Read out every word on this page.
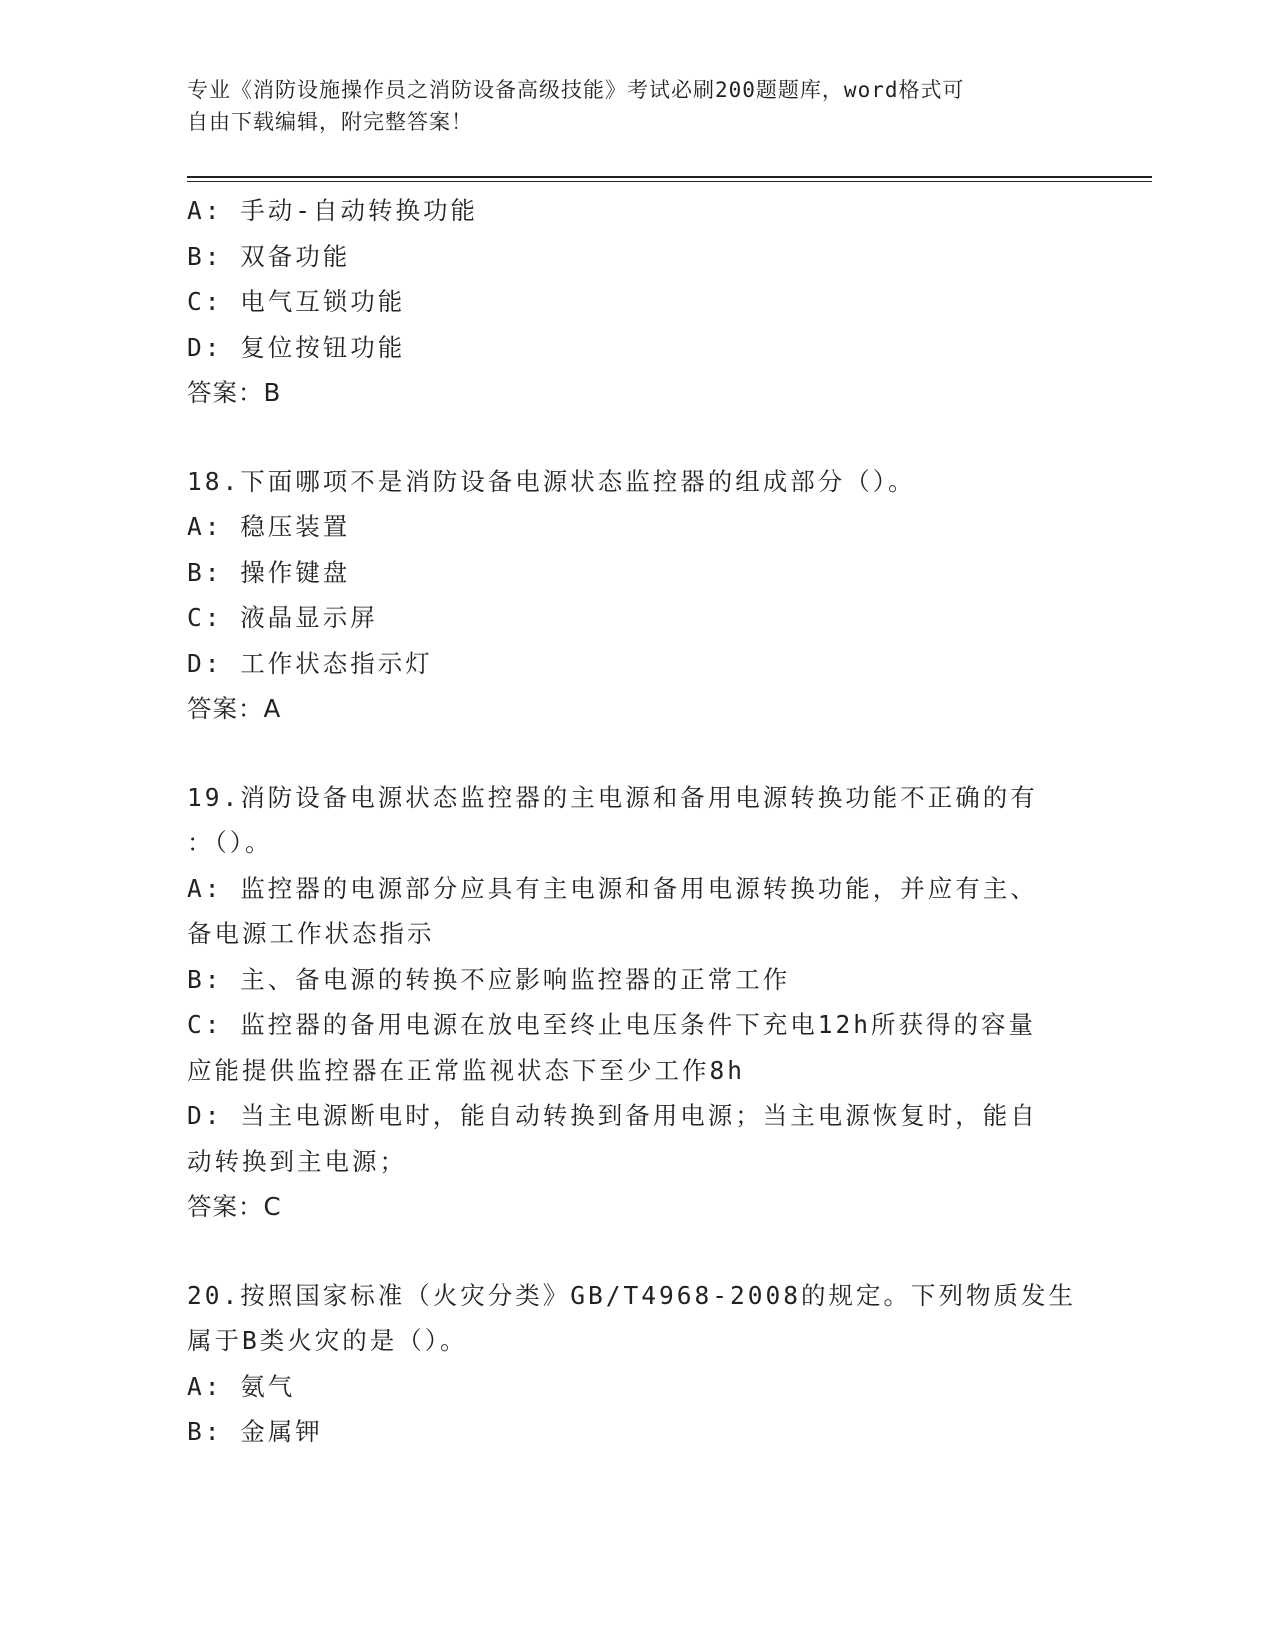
专业《消防设施操作员之消防设备高级技能》考试必刷200题题库，word格式可
自由下载编辑，附完整答案！
A: 手动-自动转换功能
B: 双备功能
C: 电气互锁功能
D: 复位按钮功能
答案：B
18.下面哪项不是消防设备电源状态监控器的组成部分（）。
A: 稳压装置
B: 操作键盘
C: 液晶显示屏
D: 工作状态指示灯
答案：A
19.消防设备电源状态监控器的主电源和备用电源转换功能不正确的有
：（）。
A: 监控器的电源部分应具有主电源和备用电源转换功能，并应有主、
备电源工作状态指示
B: 主、备电源的转换不应影响监控器的正常工作
C: 监控器的备用电源在放电至终止电压条件下充电12h所获得的容量
应能提供监控器在正常监视状态下至少工作8h
D: 当主电源断电时，能自动转换到备用电源；当主电源恢复时，能自
动转换到主电源；
答案：C
20.按照国家标准（火灾分类》GB/T4968-2008的规定。下列物质发生
属于B类火灾的是（）。
A: 氨气
B: 金属钾
